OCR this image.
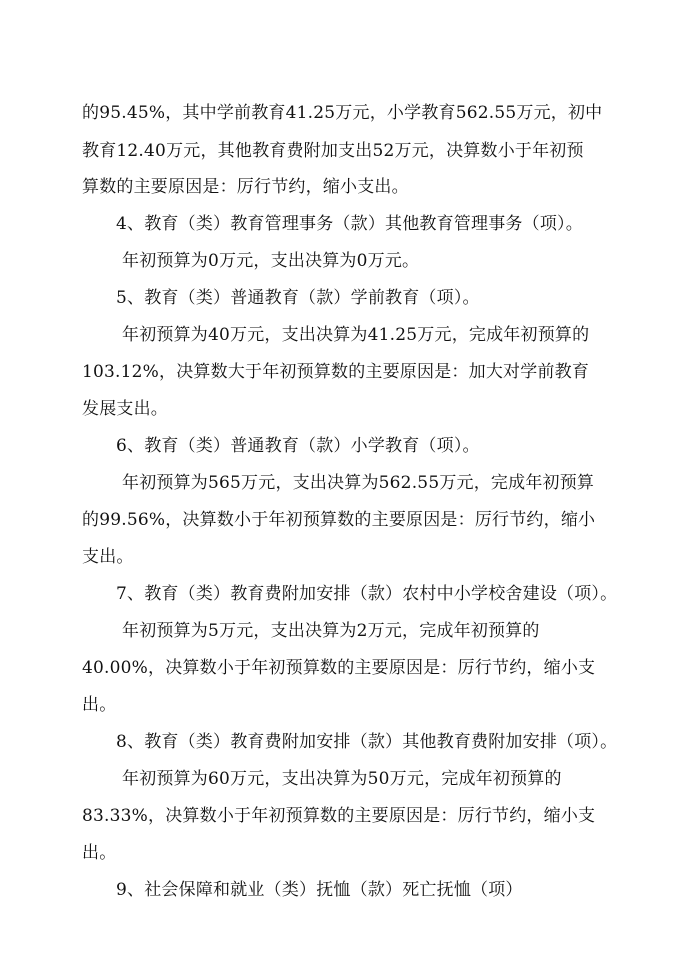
的95.45%，其中学前教育41.25万元，小学教育562.55万元，初中
教育12.40万元，其他教育费附加支出52万元，决算数小于年初预
算数的主要原因是：厉行节约，缩小支出。
4、教育（类）教育管理事务（款）其他教育管理事务（项）。
年初预算为0万元，支出决算为0万元。
5、教育（类）普通教育（款）学前教育（项）。
年初预算为40万元，支出决算为41.25万元，完成年初预算的
103.12%，决算数大于年初预算数的主要原因是：加大对学前教育
发展支出。
6、教育（类）普通教育（款）小学教育（项）。
年初预算为565万元，支出决算为562.55万元，完成年初预算
的99.56%，决算数小于年初预算数的主要原因是：厉行节约，缩小
支出。
7、教育（类）教育费附加安排（款）农村中小学校舍建设（项）。
年初预算为5万元，支出决算为2万元，完成年初预算的
40.00%，决算数小于年初预算数的主要原因是：厉行节约，缩小支
出。
8、教育（类）教育费附加安排（款）其他教育费附加安排（项）。
年初预算为60万元，支出决算为50万元，完成年初预算的
83.33%，决算数小于年初预算数的主要原因是：厉行节约，缩小支
出。
9、社会保障和就业（类）抚恤（款）死亡抚恤（项）
